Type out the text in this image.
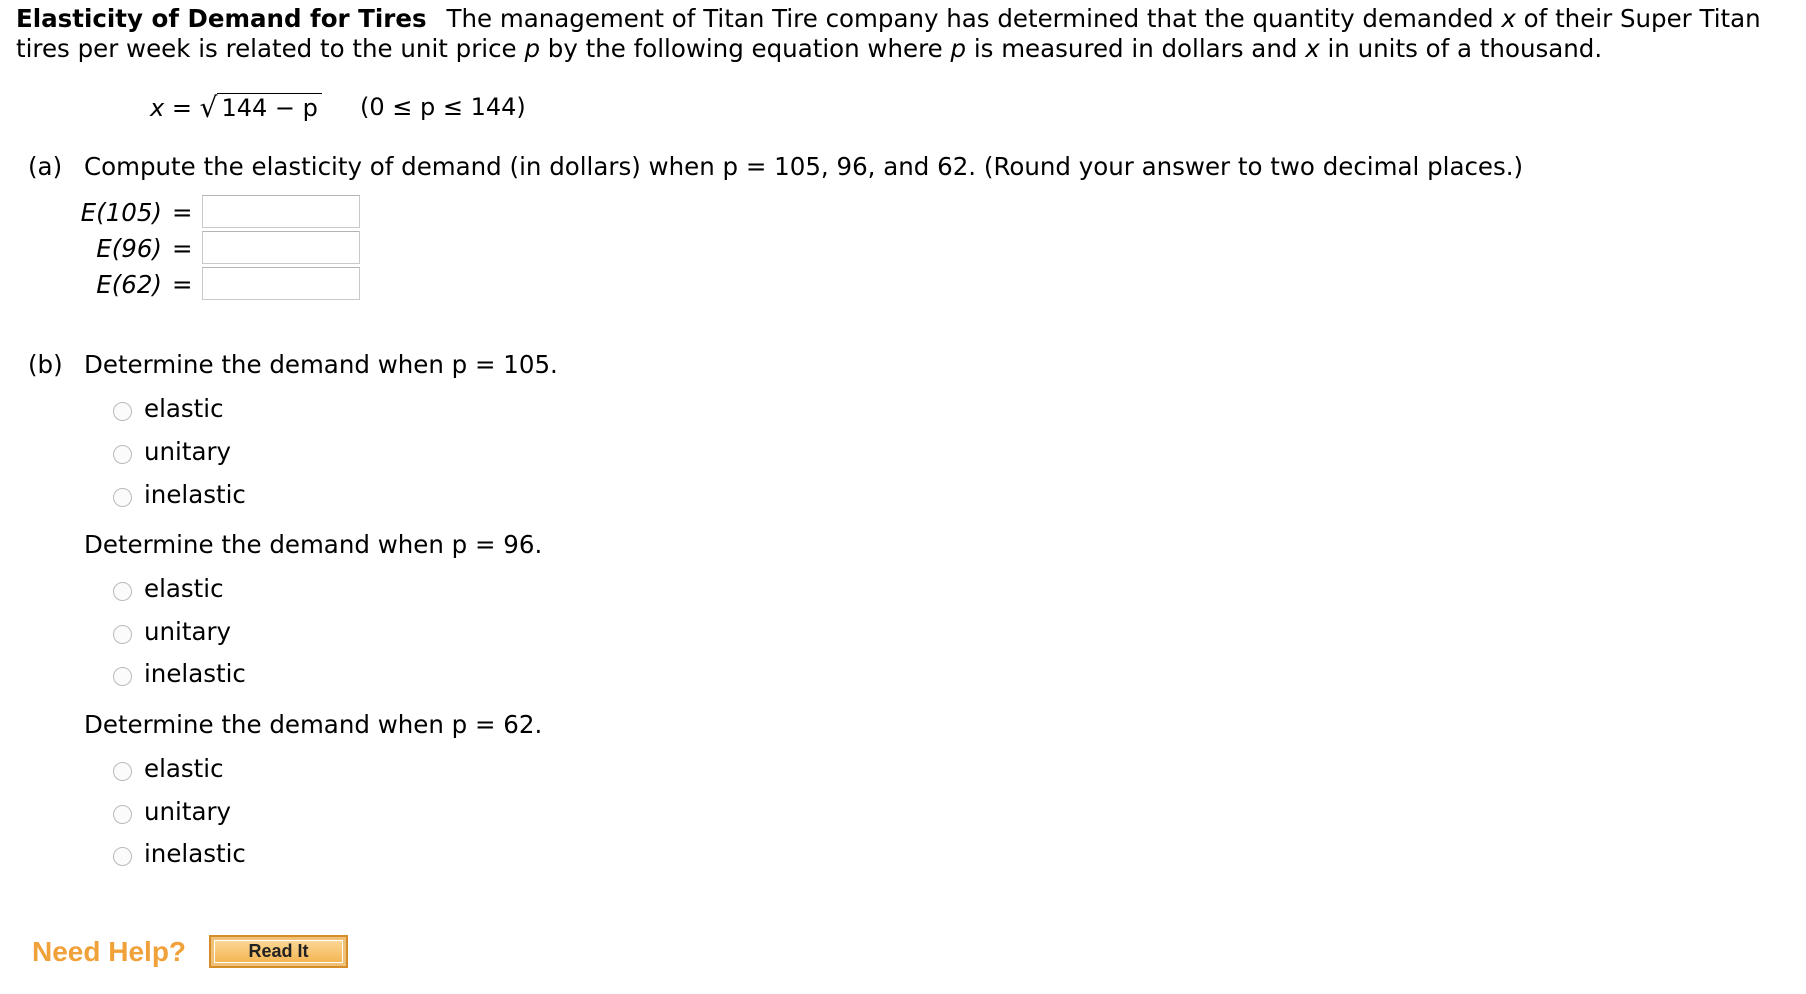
Elasticity of Demand for Tires The management of Titan Tire company has determined that the quantity demanded x of their Super Titan tires per week is related to the unit price p by the following equation where p is measured in dollars and x in units of a thousand.
x = √ 144 − p (0 ≤ p ≤ 144)
(a) Compute the elasticity of demand (in dollars) when p = 105, 96, and 62. (Round your answer to two decimal places.)
E(105) =
E(96) =
E(62) =
(b) Determine the demand when p = 105.
elastic
unitary
inelastic
Determine the demand when p = 96.
elastic
unitary
inelastic
Determine the demand when p = 62.
elastic
unitary
inelastic
Need Help?	Read It
